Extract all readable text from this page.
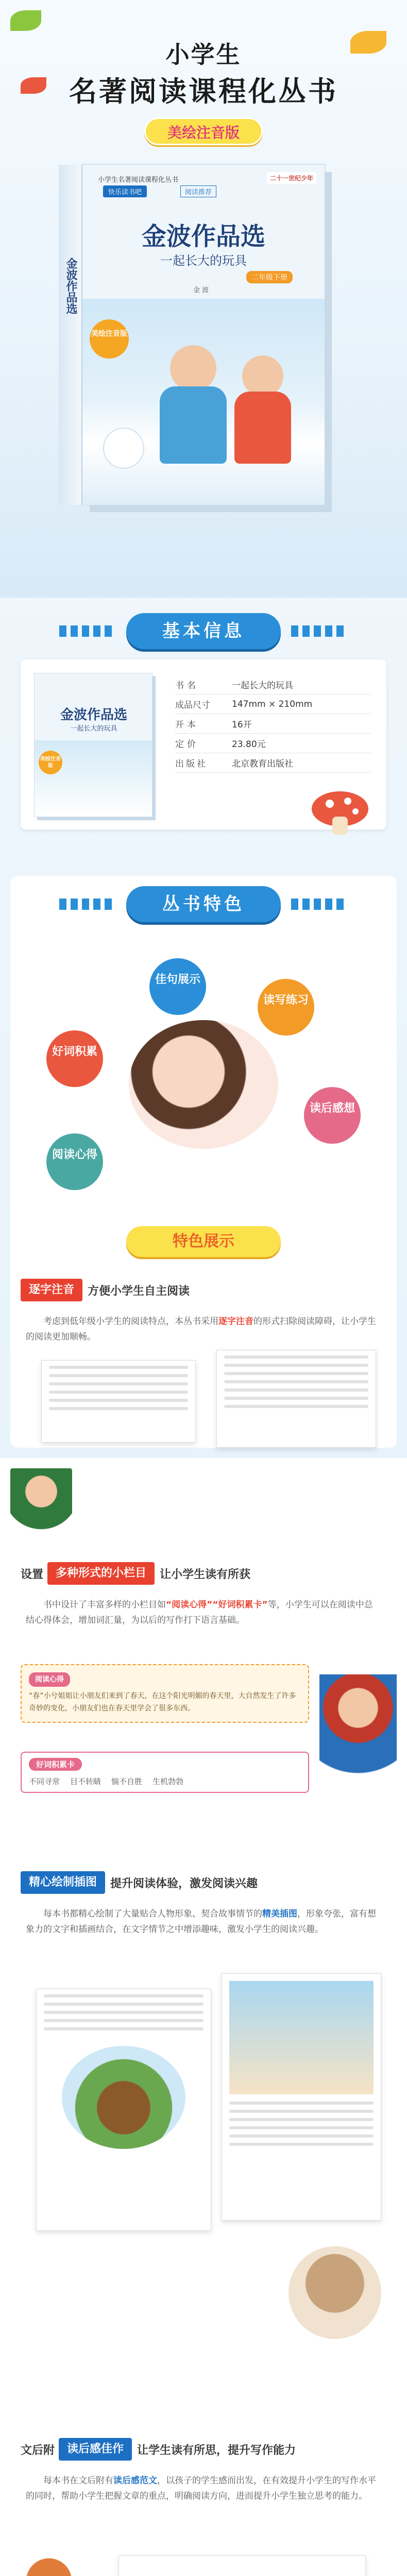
小学生
名著阅读课程化丛书
美绘注音版
金波作品选
小学生名著阅读课程化丛书
快乐读书吧	阅读推荐
二十一世纪少年
金波作品选
一起长大的玩具
二年级下册
金 波
美绘注音版
基本信息
金波作品选
一起长大的玩具
美绘注音版
书名	一起长大的玩具
成品尺寸	147mm × 210mm
开本	16开
定价	23.80元
出版社	北京教育出版社
丛书特色
好词积累
佳句展示
读写练习
阅读心得
读后感想
特色展示
逐字注音	方便小学生自主阅读
考虑到低年级小学生的阅读特点，本丛书采用逐字注音的形式扫除阅读障碍，让小学生的阅读更加顺畅。
设置	多种形式的小栏目	让小学生读有所获
书中设计了丰富多样的小栏目如“阅读心得”“好词积累卡”等，小学生可以在阅读中总结心得体会，增加词汇量，为以后的写作打下语言基础。
阅读心得
“春”小兮姐姐让小朋友们来到了春天，在这个阳光明媚的春天里，大自然发生了许多奇妙的变化，小朋友们也在春天里学会了很多东西。
好词积累卡
不同寻常 目不转睛 惴不自胜 生机勃勃
精心绘制插图	提升阅读体验，激发阅读兴趣
每本书都精心绘制了大量贴合人物形象、契合故事情节的精美插图，形象夸张，富有想象力的文字和插画结合，在文字情节之中增添趣味，激发小学生的阅读兴趣。
文后附	读后感佳作	让学生读有所思，提升写作能力
每本书在文后附有读后感范文，以孩子的学生感而出发，在有效提升小学生的写作水平的同时，帮助小学生把握文章的重点，明确阅读方向，进而提升小学生独立思考的能力。
